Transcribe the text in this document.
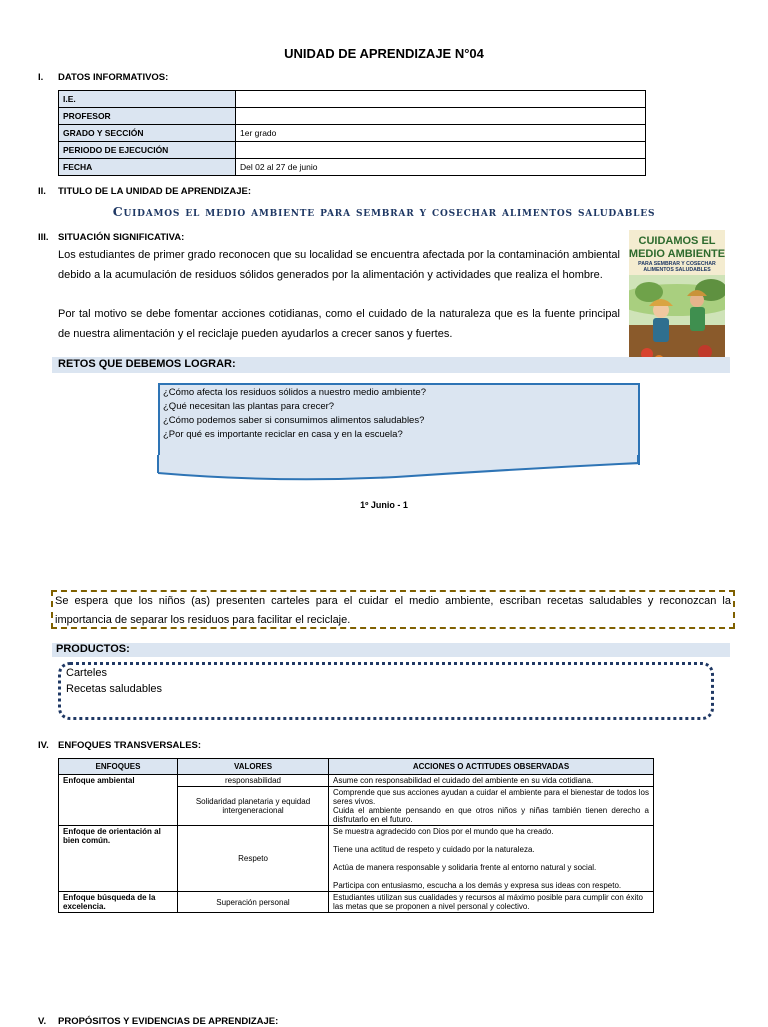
UNIDAD DE APRENDIZAJE N°04
I. DATOS INFORMATIVOS:
I.E.	
PROFESOR	
GRADO Y SECCIÓN	1er grado
PERIODO DE EJECUCIÓN	
FECHA	Del 02 al 27 de junio
II. TITULO DE LA UNIDAD DE APRENDIZAJE:
Cuidamos el medio ambiente para sembrar y cosechar alimentos saludables
III. SITUACIÓN SIGNIFICATIVA:
Los estudiantes de primer grado reconocen que su localidad se encuentra afectada por la contaminación ambiental debido a la acumulación de residuos sólidos generados por la alimentación y actividades que realiza el hombre.
Por tal motivo se debe fomentar acciones cotidianas, como el cuidado de la naturaleza que es la fuente principal de nuestra alimentación y el reciclaje pueden ayudarlos a crecer sanos y fuertes.
CUIDAMOS EL
MEDIO AMBIENTE
PARA SEMBRAR Y COSECHAR
ALIMENTOS SALUDABLES
RETOS QUE DEBEMOS LOGRAR:
¿Cómo afecta los residuos sólidos a nuestro medio ambiente?
¿Qué necesitan las plantas para crecer?
¿Cómo podemos saber si consumimos alimentos saludables?
¿Por qué es importante reciclar en casa y en la escuela?
1º Junio - 1
Se espera que los niños (as) presenten carteles para el cuidar el medio ambiente, escriban recetas saludables y reconozcan la importancia de separar los residuos para facilitar el reciclaje.
PRODUCTOS:
Carteles
Recetas saludables
IV. ENFOQUES TRANSVERSALES:
ENFOQUES	VALORES	ACCIONES O ACTITUDES OBSERVADAS
Enfoque ambiental	responsabilidad	Asume con responsabilidad el cuidado del ambiente en su vida cotidiana.
	Solidaridad planetaria y equidad intergeneracional	Comprende que sus acciones ayudan a cuidar el ambiente para el bienestar de todos los seres vivos.
Cuida el ambiente pensando en que otros niños y niñas también tienen derecho a disfrutarlo en el futuro.

Enfoque de orientación al bien común.	Respeto	Se muestra agradecido con Dios por el mundo que ha creado.
Tiene una actitud de respeto y cuidado por la naturaleza.
Actúa de manera responsable y solidaria frente al entorno natural y social.
Participa con entusiasmo, escucha a los demás y expresa sus ideas con respeto.

Enfoque búsqueda de la excelencia.	Superación personal	Estudiantes utilizan sus cualidades y recursos al máximo posible para cumplir con éxito las metas que se proponen a nivel personal y colectivo.
V. PROPÓSITOS Y EVIDENCIAS DE APRENDIZAJE:
